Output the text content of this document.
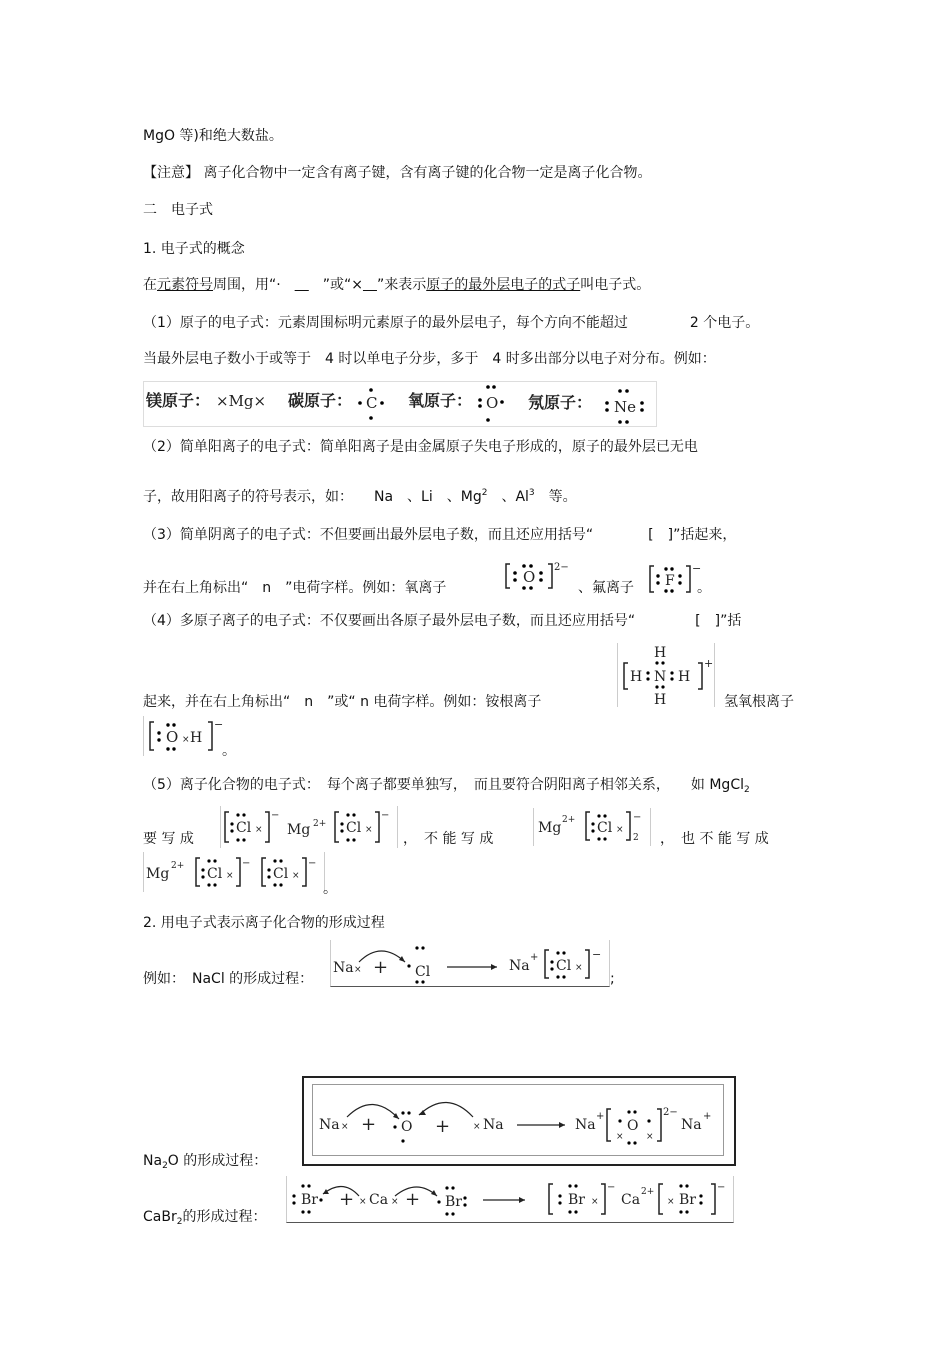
MgO 等)和绝大数盐。
【注意】 离子化合物中一定含有离子键，含有离子键的化合物一定是离子化合物。
二　电子式
1. 电子式的概念
在元素符号周围，用“·　＿　”或“×　 ”来表示原子的最外层电子的式子叫电子式。
（1）原子的电子式：元素周围标明元素原子的最外层电子，每个方向不能超过	2 个电子。
当最外层电子数小于或等于　4 时以单电子分步，多于　4 时多出部分以电子对分布。例如：
镁原子： ×Mg× 碳原子： C 氧原子： O 氖原子： Ne
（2）简单阳离子的电子式：简单阳离子是由金属原子失电子形成的，原子的最外层已无电
子，故用阳离子的符号表示，如：　　Na　、Li　、Mg$^2$　 、Al$^3$　 等。
（3）简单阴离子的电子式：不但要画出最外层电子数，而且还应用括号“	[　]”括起来，
并在右上角标出“　n　”电荷字样。例如：氧离子
O
2−
、氟离子 F
−
。
（4）多原子离子的电子式：不仅要画出各原子最外层电子数，而且还应用括号“	[　]”括
H
H N H
H
+
起来，并在右上角标出“　n　”或“ n 电荷字样。例如：铵根离子	氢氧根离子
O H
×
−
。
（5）离子化合物的电子式：　每个离子都要单独写，　而且要符合阴阳离子相邻关系，　　如 MgCl$_2$
要 写 成
Cl ×
−
Mg 2+ Cl ×
−
，　不 能 写 成
Mg 2+ Cl ×
−
2 ，　也 不 能 写 成
Mg 2+ Cl ×
−
Cl ×
−
。
2. 用电子式表示离子化合物的形成过程
例如：　NaCl 的形成过程：
Na × + Cl	Na
+
Cl ×
−
;
Na × + O +	× Na	Na
+
O
× ×
2−
Na
+
$Na_2O$ 的形成过程：
CaBr$_2$的形成过程：
Br + × Ca × + Br	Br ×
−
Ca 2+ Br
×
−
